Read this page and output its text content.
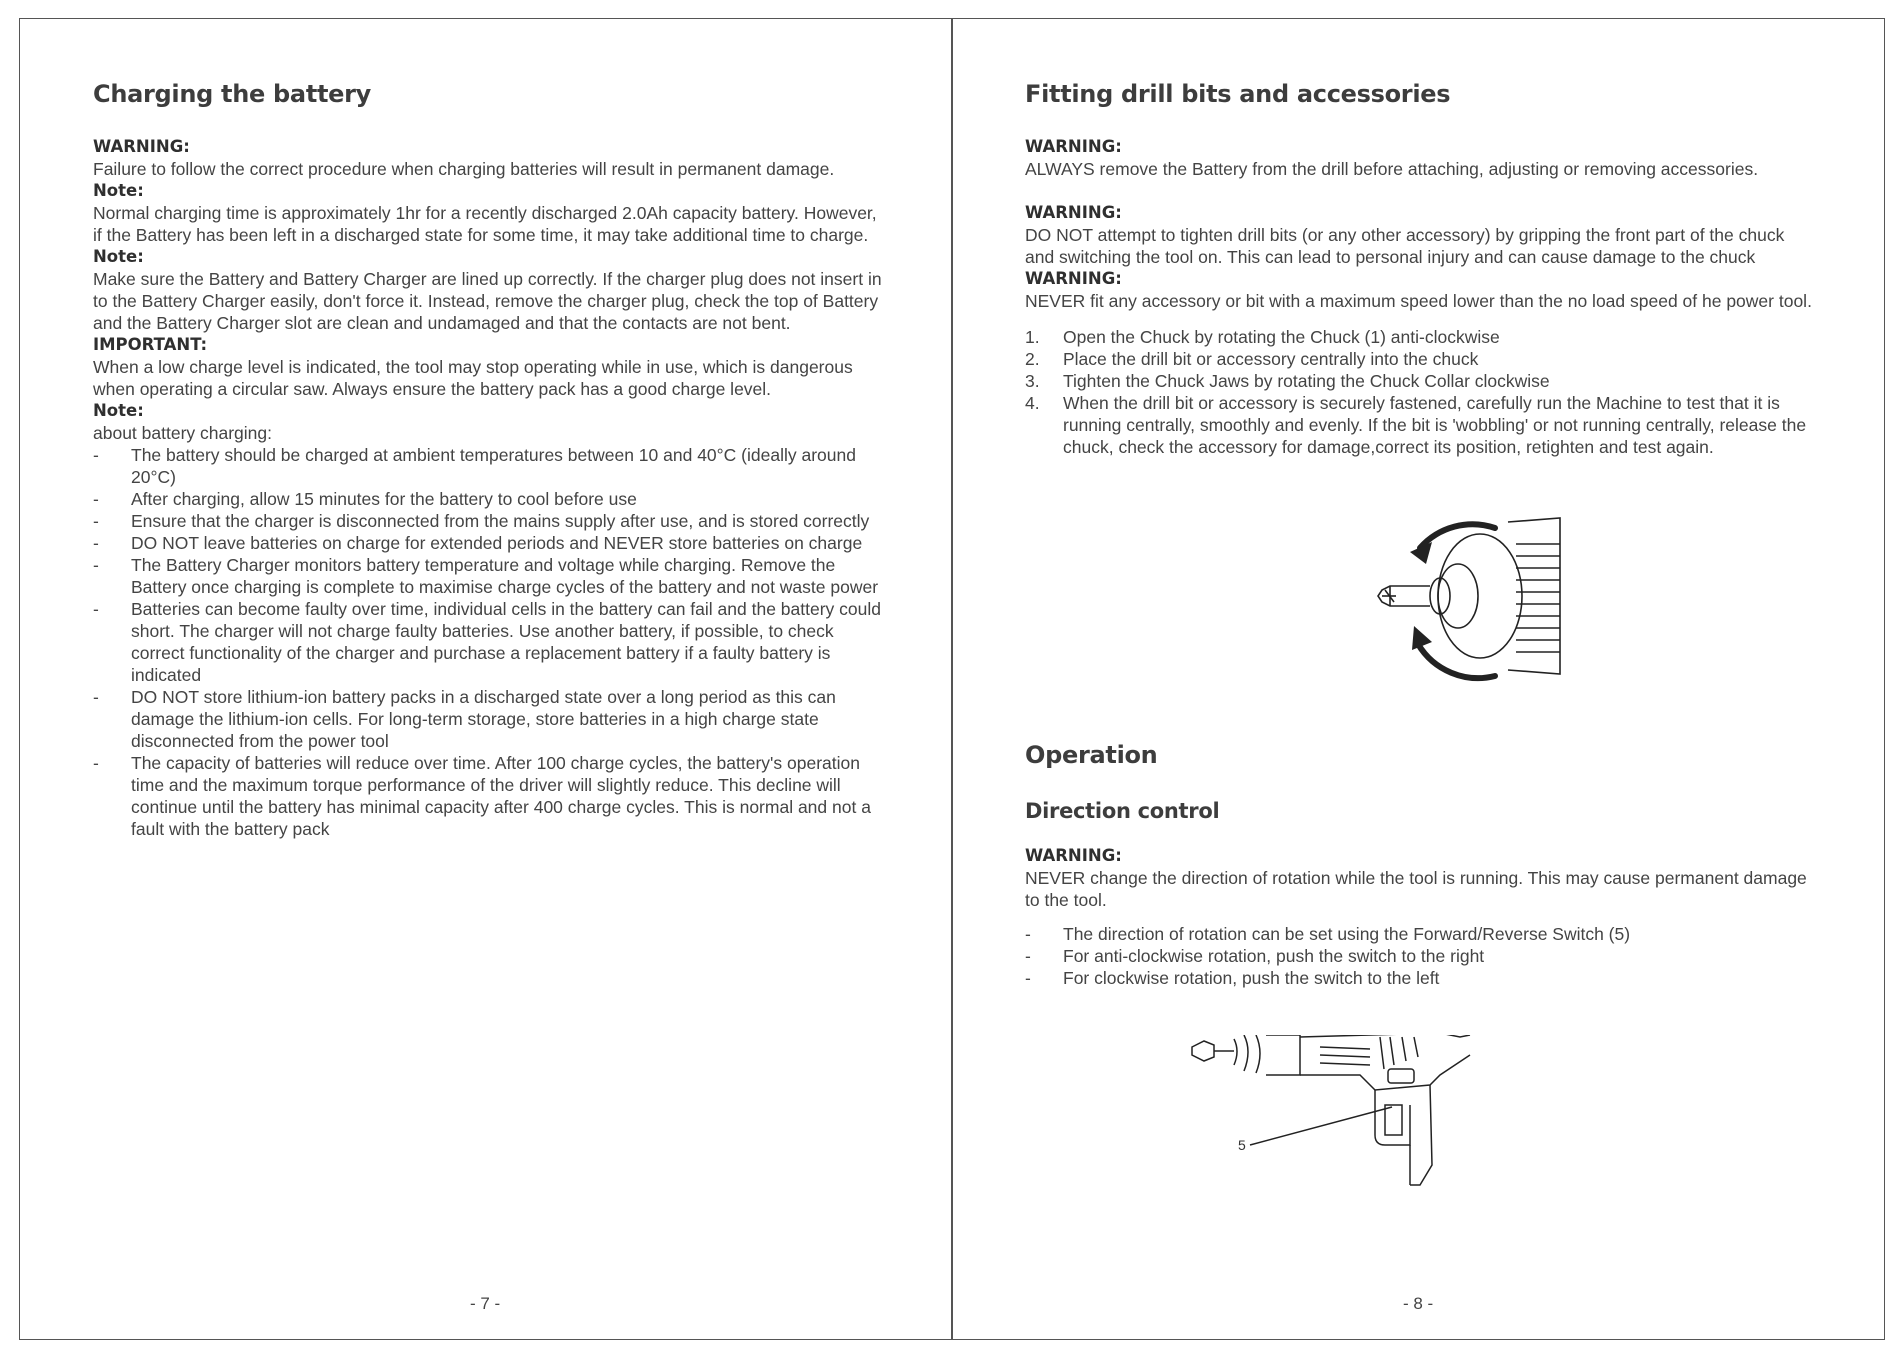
Charging the battery
WARNING:
Failure to follow the correct procedure when charging batteries will result in permanent damage.
Note:
Normal charging time is approximately 1hr for a recently discharged 2.0Ah capacity battery. However, if the Battery has been left in a discharged state for some time, it may take additional time to charge.
Note:
Make sure the Battery and Battery Charger are lined up correctly. If the charger plug does not insert in to the Battery Charger easily, don't force it. Instead, remove the charger plug, check the top of Battery and the Battery Charger slot are clean and undamaged and that the contacts are not bent.
IMPORTANT:
When a low charge level is indicated, the tool may stop operating while in use, which is dangerous when operating a circular saw. Always ensure the battery pack has a good charge level.
Note:
about battery charging:
- The battery should be charged at ambient temperatures between 10 and 40°C (ideally around 20°C)
- After charging, allow 15 minutes for the battery to cool before use
- Ensure that the charger is disconnected from the mains supply after use, and is stored correctly
- DO NOT leave batteries on charge for extended periods and NEVER store batteries on charge
- The Battery Charger monitors battery temperature and voltage while charging. Remove the Battery once charging is complete to maximise charge cycles of the battery and not waste power
- Batteries can become faulty over time, individual cells in the battery can fail and the battery could short. The charger will not charge faulty batteries. Use another battery, if possible, to check correct functionality of the charger and purchase a replacement battery if a faulty battery is indicated
- DO NOT store lithium-ion battery packs in a discharged state over a long period as this can damage the lithium-ion cells. For long-term storage, store batteries in a high charge state disconnected from the power tool
- The capacity of batteries will reduce over time. After 100 charge cycles, the battery's operation time and the maximum torque performance of the driver will slightly reduce. This decline will continue until the battery has minimal capacity after 400 charge cycles. This is normal and not a fault with the battery pack
- 7 -
Fitting drill bits and accessories
WARNING:
ALWAYS remove the Battery from the drill before attaching, adjusting or removing accessories.
WARNING:
DO NOT attempt to tighten drill bits (or any other accessory) by gripping the front part of the chuck and switching the tool on. This can lead to personal injury and can cause damage to the chuck
WARNING:
NEVER fit any accessory or bit with a maximum speed lower than the no load speed of he power tool.
1. Open the Chuck by rotating the Chuck (1) anti-clockwise
2. Place the drill bit or accessory centrally into the chuck
3. Tighten the Chuck Jaws by rotating the Chuck Collar clockwise
4. When the drill bit or accessory is securely fastened, carefully run the Machine to test that it is running centrally, smoothly and evenly. If the bit is 'wobbling' or not running centrally, release the chuck, check the accessory for damage,correct its position, retighten and test again.
Operation
Direction control
WARNING:
NEVER change the direction of rotation while the tool is running. This may cause permanent damage to the tool.
- The direction of rotation can be set using the Forward/Reverse Switch (5)
- For anti-clockwise rotation, push the switch to the right
- For clockwise rotation, push the switch to the left
5
- 8 -
